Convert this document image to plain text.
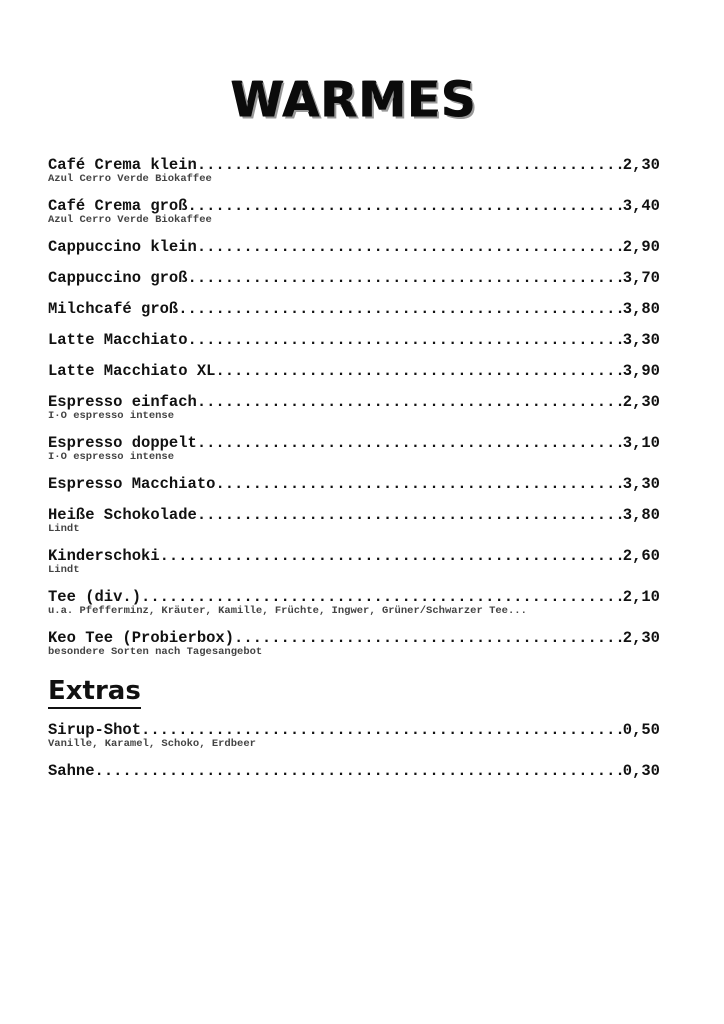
WARMES
Café Crema klein .....	2,30
Azul Cerro Verde Biokaffee
Café Crema groß .....	3,40
Azul Cerro Verde Biokaffee
Cappuccino klein .....	2,90
Cappuccino groß .....	3,70
Milchcafé groß .....	3,80
Latte Macchiato .....	3,30
Latte Macchiato XL .....	3,90
Espresso einfach .....	2,30
I·O espresso intense
Espresso doppelt .....	3,10
I·O espresso intense
Espresso Macchiato .....	3,30
Heiße Schokolade .....	3,80
Lindt
Kinderschoki .....	2,60
Lindt
Tee (div.) .....	2,10
u.a. Pfefferminz, Kräuter, Kamille, Früchte, Ingwer, Grüner/Schwarzer Tee...
Keo Tee (Probierbox) .....	2,30
besondere Sorten nach Tagesangebot
Extras
Sirup-Shot .....	0,50
Vanille, Karamel, Schoko, Erdbeer
Sahne .....	0,30
